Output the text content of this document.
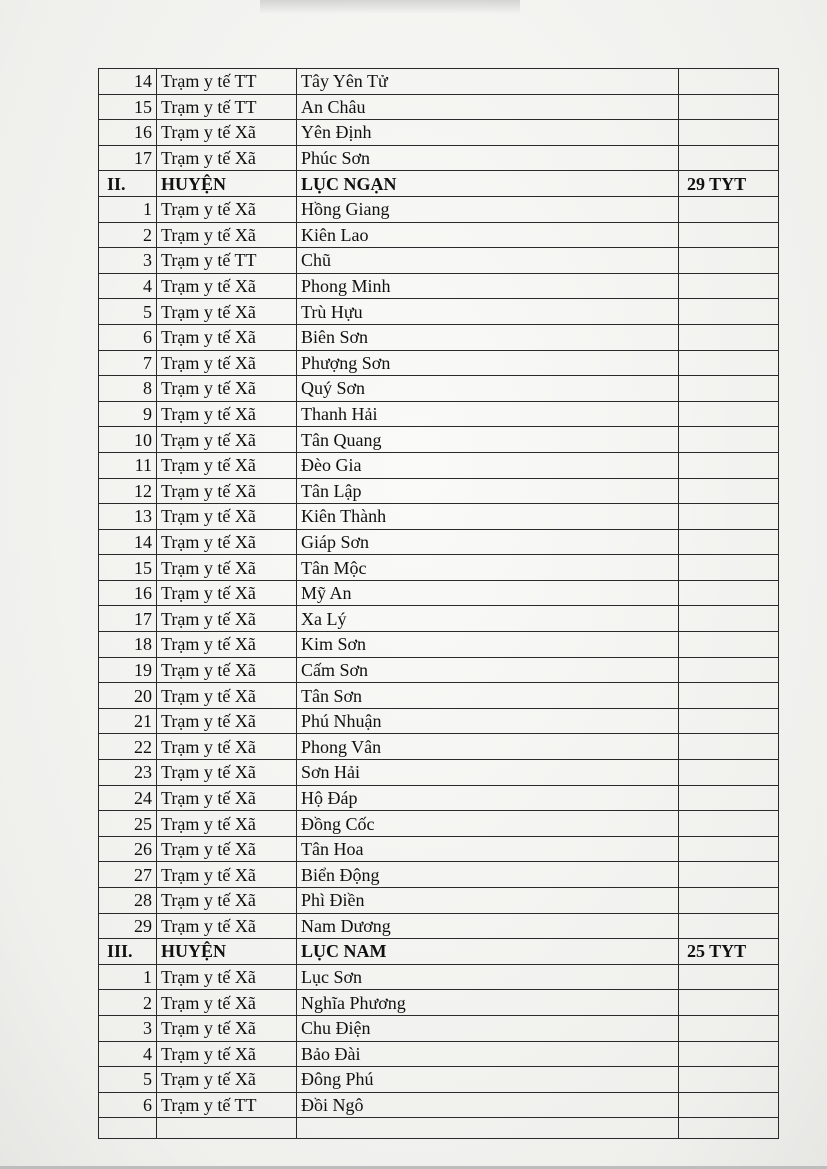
14	Trạm y tế TT	Tây Yên Tử	
15	Trạm y tế TT	An Châu	
16	Trạm y tế Xã	Yên Định	
17	Trạm y tế Xã	Phúc Sơn	
II.	HUYỆN	LỤC NGẠN	29 TYT
1	Trạm y tế Xã	Hồng Giang	
2	Trạm y tế Xã	Kiên Lao	
3	Trạm y tế TT	Chũ	
4	Trạm y tế Xã	Phong Minh	
5	Trạm y tế Xã	Trù Hựu	
6	Trạm y tế Xã	Biên Sơn	
7	Trạm y tế Xã	Phượng Sơn	
8	Trạm y tế Xã	Quý Sơn	
9	Trạm y tế Xã	Thanh Hải	
10	Trạm y tế Xã	Tân Quang	
11	Trạm y tế Xã	Đèo Gia	
12	Trạm y tế Xã	Tân Lập	
13	Trạm y tế Xã	Kiên Thành	
14	Trạm y tế Xã	Giáp Sơn	
15	Trạm y tế Xã	Tân Mộc	
16	Trạm y tế Xã	Mỹ An	
17	Trạm y tế Xã	Xa Lý	
18	Trạm y tế Xã	Kim Sơn	
19	Trạm y tế Xã	Cấm Sơn	
20	Trạm y tế Xã	Tân Sơn	
21	Trạm y tế Xã	Phú Nhuận	
22	Trạm y tế Xã	Phong Vân	
23	Trạm y tế Xã	Sơn Hải	
24	Trạm y tế Xã	Hộ Đáp	
25	Trạm y tế Xã	Đồng Cốc	
26	Trạm y tế Xã	Tân Hoa	
27	Trạm y tế Xã	Biển Động	
28	Trạm y tế Xã	Phì Điền	
29	Trạm y tế Xã	Nam Dương	
III.	HUYỆN	LỤC NAM	25 TYT
1	Trạm y tế Xã	Lục Sơn	
2	Trạm y tế Xã	Nghĩa Phương	
3	Trạm y tế Xã	Chu Điện	
4	Trạm y tế Xã	Bảo Đài	
5	Trạm y tế Xã	Đông Phú	
6	Trạm y tế TT	Đồi Ngô	
